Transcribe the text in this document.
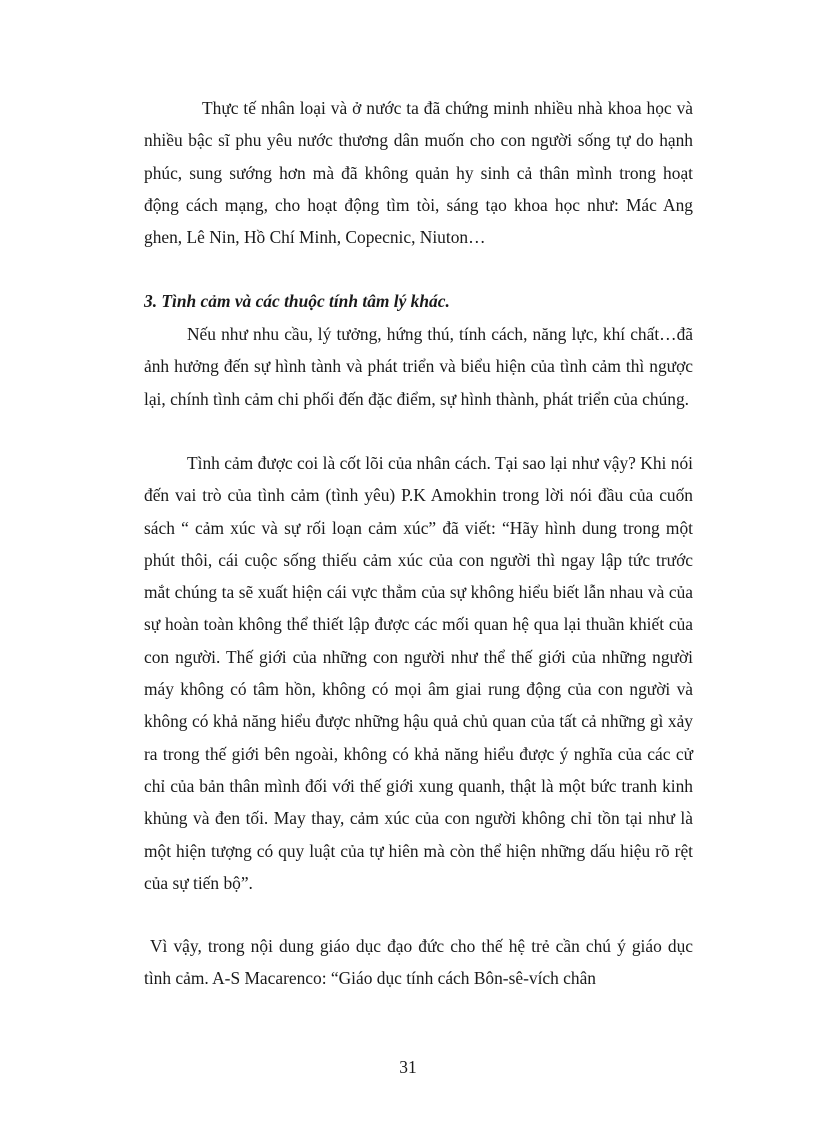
Thực tế nhân loại và ở nước ta đã chứng minh nhiều nhà khoa học và nhiều bậc sĩ phu yêu nước thương dân muốn cho con người sống tự do hạnh phúc, sung sướng hơn mà đã không quản hy sinh cả thân mình trong hoạt động cách mạng, cho hoạt động tìm tòi, sáng tạo khoa học như: Mác Ang ghen, Lê Nin, Hồ Chí Minh, Copecnic, Niuton…

3. Tình cảm và các thuộc tính tâm lý khác.

Nếu như nhu cầu, lý tưởng, hứng thú, tính cách, năng lực, khí chất…đã ảnh hưởng đến sự hình tành và phát triển và biểu hiện của tình cảm thì ngược lại, chính tình cảm chi phối đến đặc điểm, sự hình thành, phát triển của chúng.

Tình cảm được coi là cốt lõi của nhân cách. Tại sao lại như vậy? Khi nói đến vai trò của tình cảm (tình yêu) P.K Amokhin trong lời nói đầu của cuốn sách “ cảm xúc và sự rối loạn cảm xúc” đã viết: “Hãy hình dung trong một phút thôi, cái cuộc sống thiếu cảm xúc của con người thì ngay lập tức trước mắt chúng ta sẽ xuất hiện cái vực thẳm của sự không hiểu biết lẫn nhau và của sự hoàn toàn không thể thiết lập được các mối quan hệ qua lại thuần khiết của con người. Thế giới của những con người như thể thế giới của những người máy không có tâm hồn, không có mọi âm giai rung động của con người và không có khả năng hiểu được những hậu quả chủ quan của tất cả những gì xảy ra trong thế giới bên ngoài, không có khả năng hiểu được ý nghĩa của các cử chỉ của bản thân mình đối với thế giới xung quanh, thật là một bức tranh kinh khủng và đen tối. May thay, cảm xúc của con người không chỉ tồn tại như là một hiện tượng có quy luật của tự hiên mà còn thể hiện những dấu hiệu rõ rệt của sự tiến bộ”.

Vì vậy, trong nội dung giáo dục đạo đức cho thế hệ trẻ cần chú ý giáo dục tình cảm. A-S Macarenco: “Giáo dục tính cách Bôn-sê-vích chân

31
